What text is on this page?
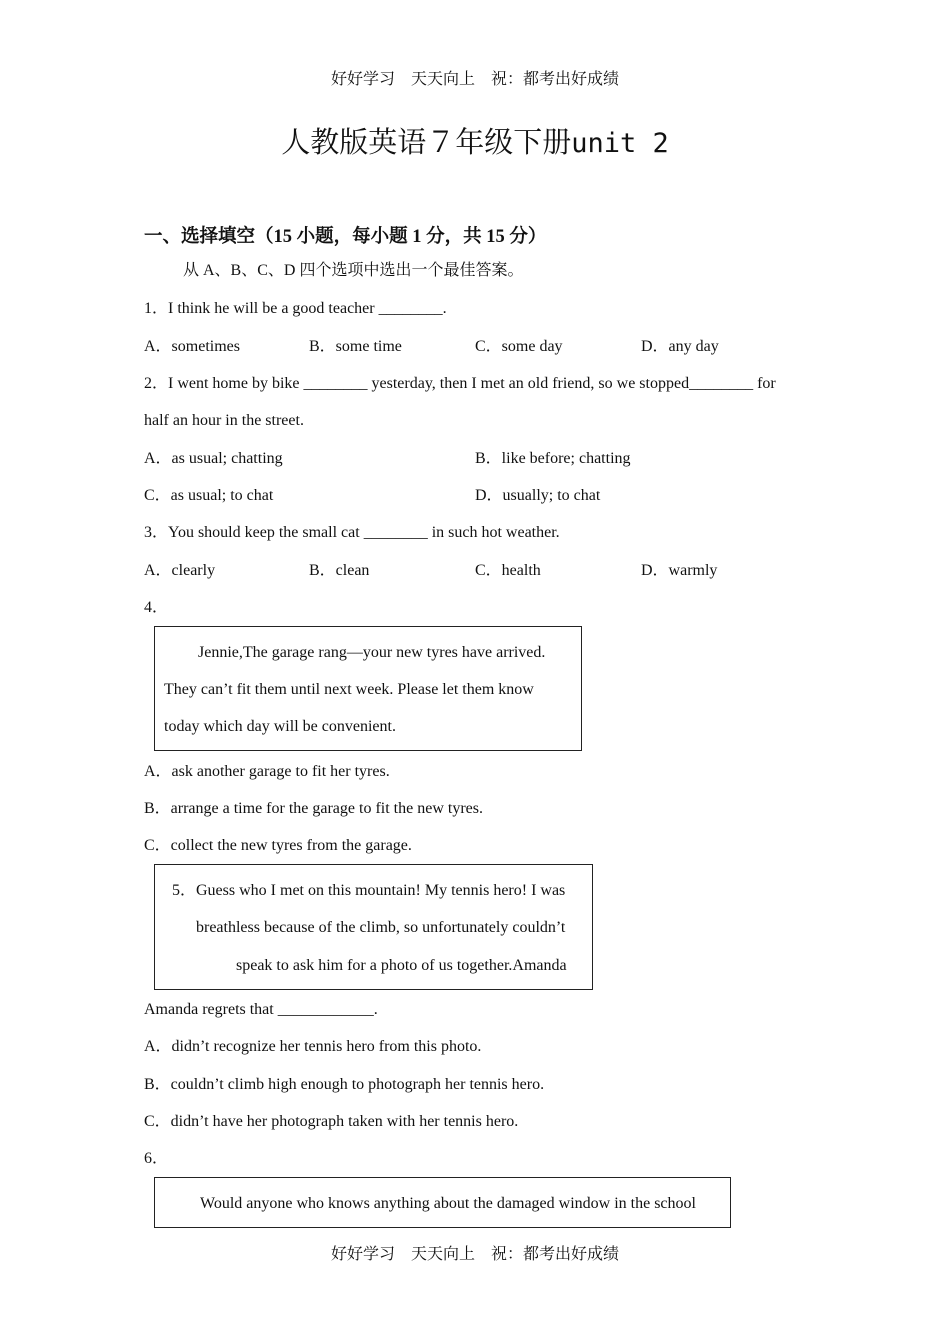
好好学习　天天向上　祝：都考出好成绩
人教版英语７年级下册unit 2
一、选择填空（15 小题，每小题 1 分，共 15 分）
从 A、B、C、D 四个选项中选出一个最佳答案。
1．I think he will be a good teacher ________.
A．sometimes	B．some time	C．some day	D．any day
2．I went home by bike ________ yesterday, then I met an old friend, so we stopped________ for
half an hour in the street.
A．as usual; chatting	B．like before; chatting
C．as usual; to chat	D．usually; to chat
3．You should keep the small cat ________ in such hot weather.
A．clearly	B．clean	C．health	D．warmly
4．
Jennie,The garage rang—your new tyres have arrived.
They can’t fit them until next week. Please let them know
today which day will be convenient.
A．ask another garage to fit her tyres.
B．arrange a time for the garage to fit the new tyres.
C．collect the new tyres from the garage.
5．Guess who I met on this mountain! My tennis hero! I was
breathless because of the climb, so unfortunately couldn’t
speak to ask him for a photo of us together.Amanda
Amanda regrets that ____________.
A．didn’t recognize her tennis hero from this photo.
B．couldn’t climb high enough to photograph her tennis hero.
C．didn’t have her photograph taken with her tennis hero.
6．
Would anyone who knows anything about the damaged window in the school
好好学习　天天向上　祝：都考出好成绩
